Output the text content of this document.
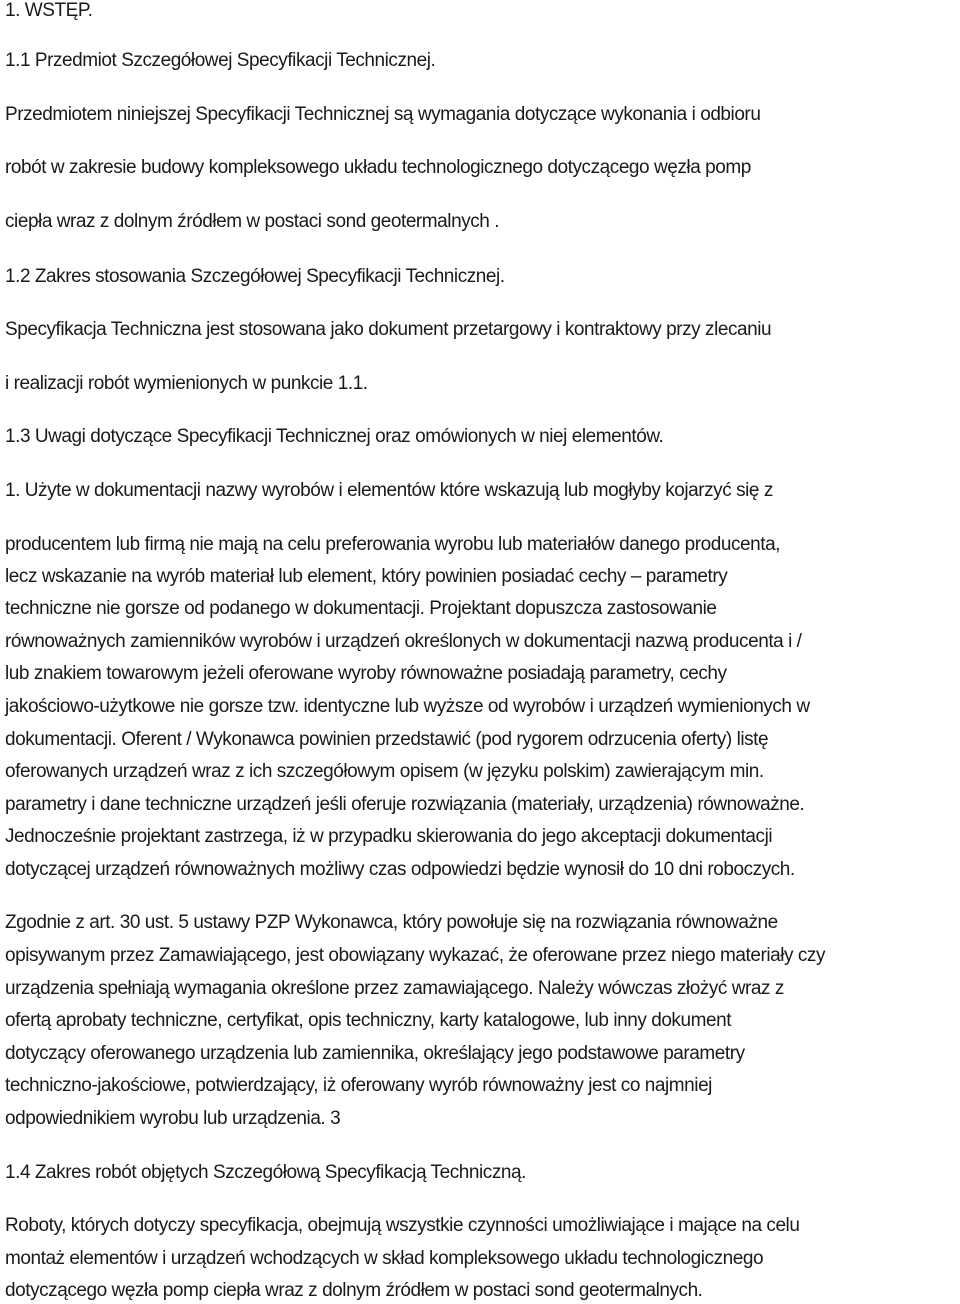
1. WSTĘP.
1.1 Przedmiot Szczegółowej Specyfikacji Technicznej.
Przedmiotem niniejszej Specyfikacji Technicznej są wymagania dotyczące wykonania i odbioru
robót w zakresie budowy kompleksowego układu technologicznego dotyczącego węzła pomp
ciepła wraz z dolnym źródłem w postaci sond geotermalnych .
1.2 Zakres stosowania Szczegółowej Specyfikacji Technicznej.
Specyfikacja Techniczna jest stosowana jako dokument przetargowy i kontraktowy przy zlecaniu
i realizacji robót wymienionych w punkcie 1.1.
1.3 Uwagi dotyczące Specyfikacji Technicznej oraz omówionych w niej elementów.
1. Użyte w dokumentacji nazwy wyrobów i elementów które wskazują lub mogłyby kojarzyć się z
producentem lub firmą nie mają na celu preferowania wyrobu lub materiałów danego producenta,
lecz wskazanie na wyrób materiał lub element, który powinien posiadać cechy – parametry
techniczne nie gorsze od podanego w dokumentacji. Projektant dopuszcza zastosowanie
równoważnych zamienników wyrobów i urządzeń określonych w dokumentacji nazwą producenta i /
lub znakiem towarowym jeżeli oferowane wyroby równoważne posiadają parametry, cechy
jakościowo-użytkowe nie gorsze tzw. identyczne lub wyższe od wyrobów i urządzeń wymienionych w
dokumentacji. Oferent / Wykonawca powinien przedstawić (pod rygorem odrzucenia oferty) listę
oferowanych urządzeń wraz z ich szczegółowym opisem (w języku polskim) zawierającym min.
parametry i dane techniczne urządzeń jeśli oferuje rozwiązania (materiały, urządzenia) równoważne.
Jednocześnie projektant zastrzega, iż w przypadku skierowania do jego akceptacji dokumentacji
dotyczącej urządzeń równoważnych możliwy czas odpowiedzi będzie wynosił do 10 dni roboczych.
Zgodnie z art. 30 ust. 5 ustawy PZP Wykonawca, który powołuje się na rozwiązania równoważne
opisywanym przez Zamawiającego, jest obowiązany wykazać, że oferowane przez niego materiały czy
urządzenia spełniają wymagania określone przez zamawiającego. Należy wówczas złożyć wraz z
ofertą aprobaty techniczne, certyfikat, opis techniczny, karty katalogowe, lub inny dokument
dotyczący oferowanego urządzenia lub zamiennika, określający jego podstawowe parametry
techniczno-jakościowe, potwierdzający, iż oferowany wyrób równoważny jest co najmniej
odpowiednikiem wyrobu lub urządzenia. 3
1.4 Zakres robót objętych Szczegółową Specyfikacją Techniczną.
Roboty, których dotyczy specyfikacja, obejmują wszystkie czynności umożliwiające i mające na celu
montaż elementów i urządzeń wchodzących w skład kompleksowego układu technologicznego
dotyczącego węzła pomp ciepła wraz z dolnym źródłem w postaci sond geotermalnych.
